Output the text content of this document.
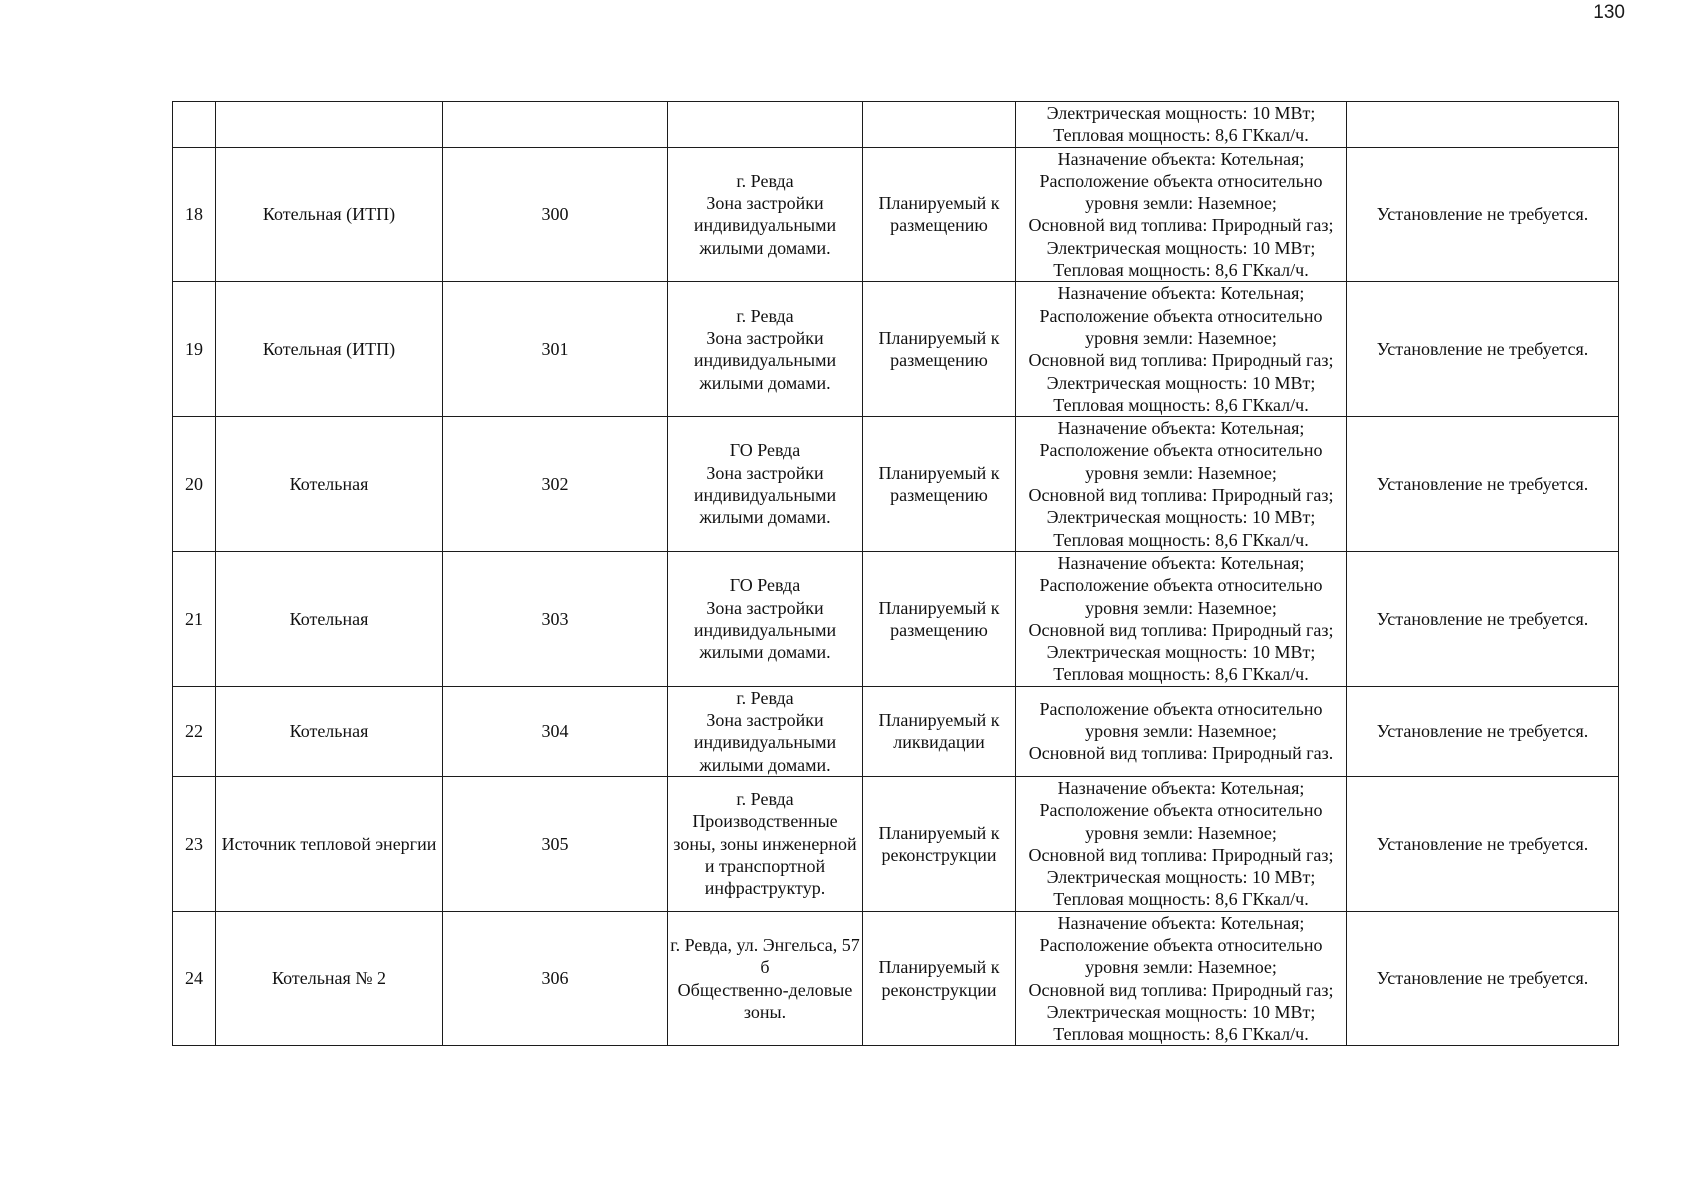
130
					Электрическая мощность: 10 МВт;
Тепловая мощность: 8,6 ГКкал/ч.	
18	Котельная (ИТП)	300	г. Ревда
Зона застройки индивидуальными жилыми домами.	Планируемый к размещению	Назначение объекта: Котельная;
Расположение объекта относительно уровня земли: Наземное;
Основной вид топлива: Природный газ;
Электрическая мощность: 10 МВт;
Тепловая мощность: 8,6 ГКкал/ч.	Установление не требуется.
19	Котельная (ИТП)	301	г. Ревда
Зона застройки индивидуальными жилыми домами.	Планируемый к размещению	Назначение объекта: Котельная;
Расположение объекта относительно уровня земли: Наземное;
Основной вид топлива: Природный газ;
Электрическая мощность: 10 МВт;
Тепловая мощность: 8,6 ГКкал/ч.	Установление не требуется.
20	Котельная	302	ГО Ревда
Зона застройки индивидуальными жилыми домами.	Планируемый к размещению	Назначение объекта: Котельная;
Расположение объекта относительно уровня земли: Наземное;
Основной вид топлива: Природный газ;
Электрическая мощность: 10 МВт;
Тепловая мощность: 8,6 ГКкал/ч.	Установление не требуется.
21	Котельная	303	ГО Ревда
Зона застройки индивидуальными жилыми домами.	Планируемый к размещению	Назначение объекта: Котельная;
Расположение объекта относительно уровня земли: Наземное;
Основной вид топлива: Природный газ;
Электрическая мощность: 10 МВт;
Тепловая мощность: 8,6 ГКкал/ч.	Установление не требуется.
22	Котельная	304	г. Ревда
Зона застройки индивидуальными жилыми домами.	Планируемый к ликвидации	Расположение объекта относительно уровня земли: Наземное;
Основной вид топлива: Природный газ.	Установление не требуется.
23	Источник тепловой энергии	305	г. Ревда
Производственные зоны, зоны инженерной и транспортной инфраструктур.	Планируемый к реконструкции	Назначение объекта: Котельная;
Расположение объекта относительно уровня земли: Наземное;
Основной вид топлива: Природный газ;
Электрическая мощность: 10 МВт;
Тепловая мощность: 8,6 ГКкал/ч.	Установление не требуется.
24	Котельная № 2	306	г. Ревда, ул. Энгельса, 57 б
Общественно-деловые зоны.	Планируемый к реконструкции	Назначение объекта: Котельная;
Расположение объекта относительно уровня земли: Наземное;
Основной вид топлива: Природный газ;
Электрическая мощность: 10 МВт;
Тепловая мощность: 8,6 ГКкал/ч.	Установление не требуется.
